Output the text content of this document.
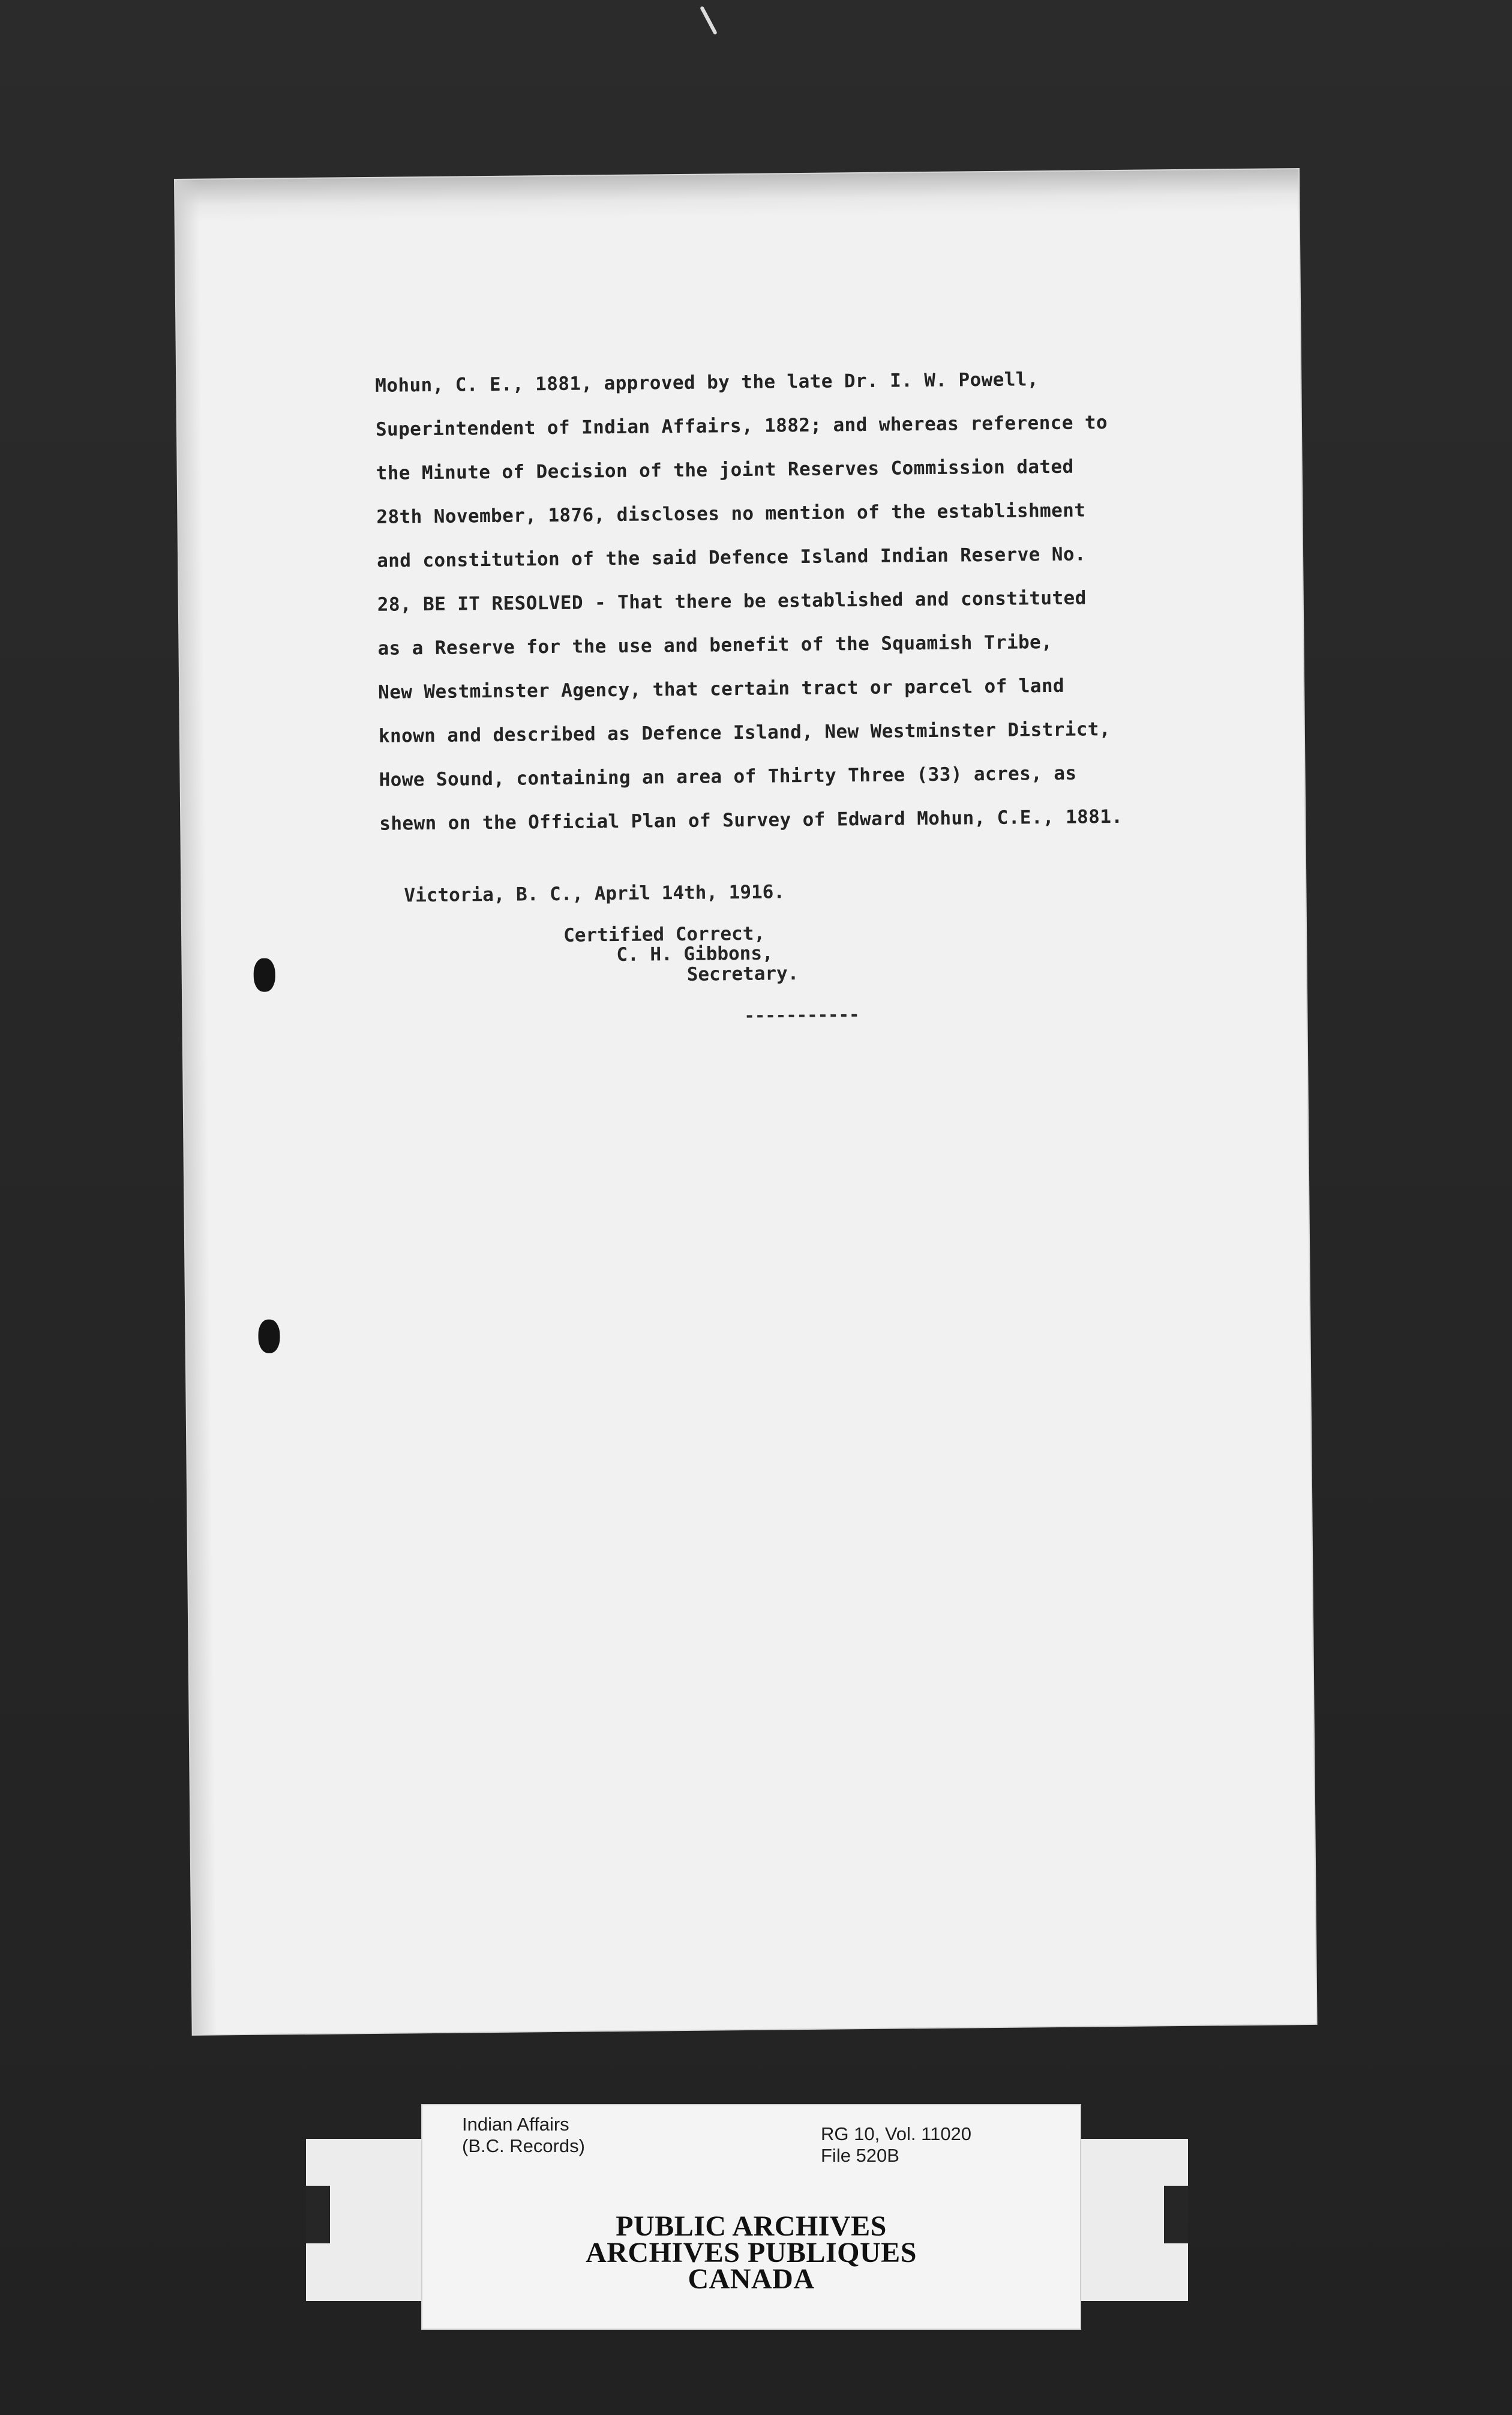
Mohun, C. E., 1881, approved by the late Dr. I. W. Powell,
Superintendent of Indian Affairs, 1882; and whereas reference to
the Minute of Decision of the joint Reserves Commission dated
28th November, 1876, discloses no mention of the establishment
and constitution of the said Defence Island Indian Reserve No.
28, BE IT RESOLVED - That there be established and constituted
as a Reserve for the use and benefit of the Squamish Tribe,
New Westminster Agency, that certain tract or parcel of land
known and described as Defence Island, New Westminster District,
Howe Sound, containing an area of Thirty Three (33) acres, as
shewn on the Official Plan of Survey of Edward Mohun, C.E., 1881.

Victoria, B. C., April 14th, 1916.
Certified Correct,
C. H. Gibbons,
Secretary.
-----------
Indian Affairs
(B.C. Records)
RG 10, Vol. 11020
File 520B
PUBLIC ARCHIVES
ARCHIVES PUBLIQUES
CANADA
